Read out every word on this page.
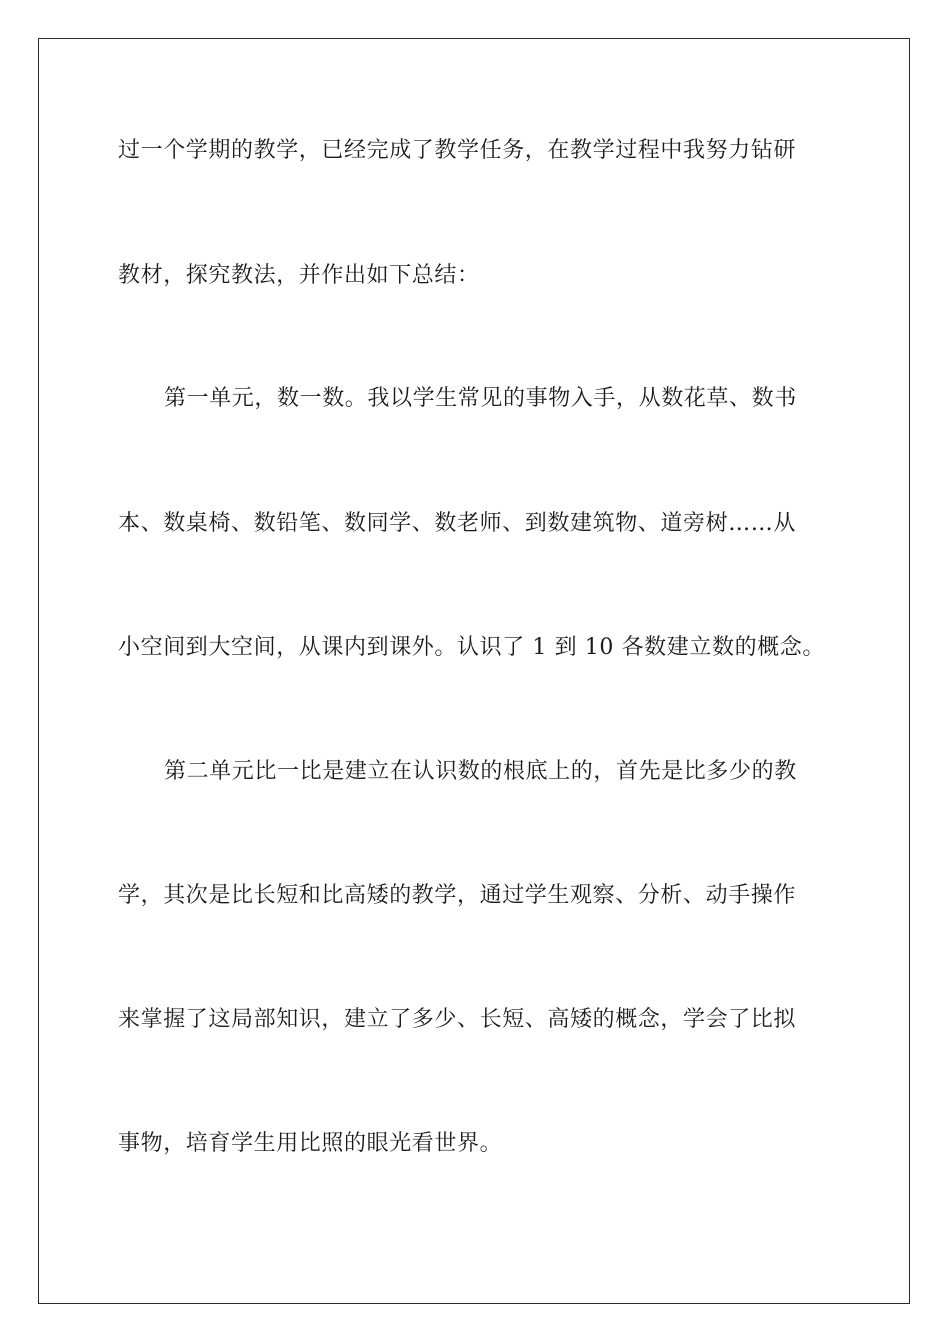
过一个学期的教学，已经完成了教学任务，在教学过程中我努力钻研
教材，探究教法，并作出如下总结：
第一单元，数一数。我以学生常见的事物入手，从数花草、数书
本、数桌椅、数铅笔、数同学、数老师、到数建筑物、道旁树……从
小空间到大空间，从课内到课外。认识了 1 到 10 各数建立数的概念。
第二单元比一比是建立在认识数的根底上的，首先是比多少的教
学，其次是比长短和比高矮的教学，通过学生观察、分析、动手操作
来掌握了这局部知识，建立了多少、长短、高矮的概念，学会了比拟
事物，培育学生用比照的眼光看世界。
